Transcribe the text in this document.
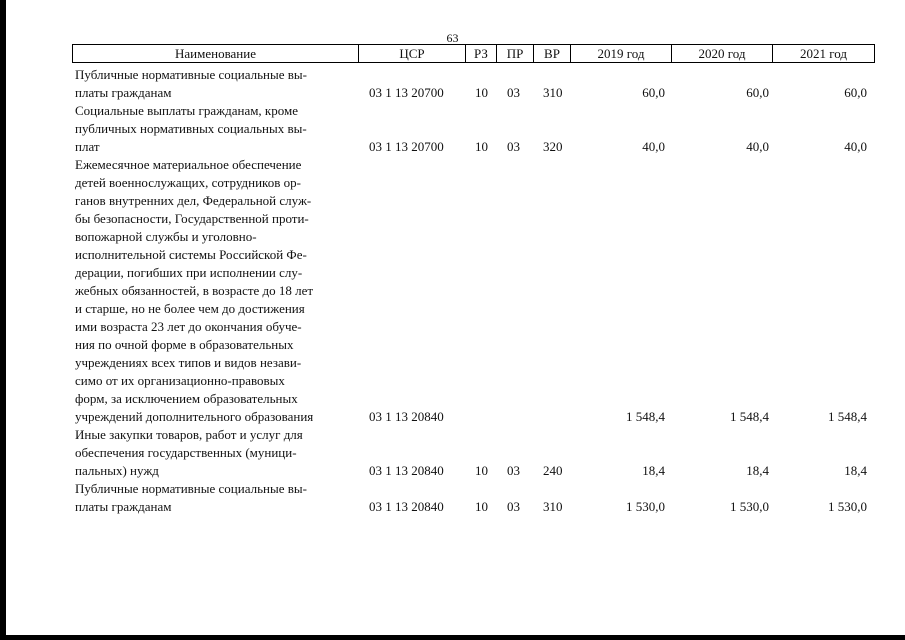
63
Наименование	ЦСР	РЗ	ПР	ВР	2019 год	2020 год	2021 год
Публичные нормативные социальные вы-
платы гражданам	03 1 13 20700 10 03 310	60,0	60,0	60,0
Социальные выплаты гражданам, кроме
публичных нормативных социальных вы-
плат	03 1 13 20700 10 03 320	40,0	40,0	40,0
Ежемесячное материальное обеспечение
детей военнослужащих, сотрудников ор-
ганов внутренних дел, Федеральной служ-
бы безопасности, Государственной проти-
вопожарной службы и уголовно-
исполнительной системы Российской Фе-
дерации, погибших при исполнении слу-
жебных обязанностей, в возрасте до 18 лет
и старше, но не более чем до достижения
ими возраста 23 лет до окончания обуче-
ния по очной форме в образовательных
учреждениях всех типов и видов незави-
симо от их организационно-правовых
форм, за исключением образовательных
учреждений дополнительного образования	03 1 13 20840	1 548,4	1 548,4	1 548,4
Иные закупки товаров, работ и услуг для
обеспечения государственных (муници-
пальных) нужд	03 1 13 20840 10 03 240	18,4	18,4	18,4
Публичные нормативные социальные вы-
платы гражданам	03 1 13 20840 10 03 310	1 530,0	1 530,0	1 530,0
